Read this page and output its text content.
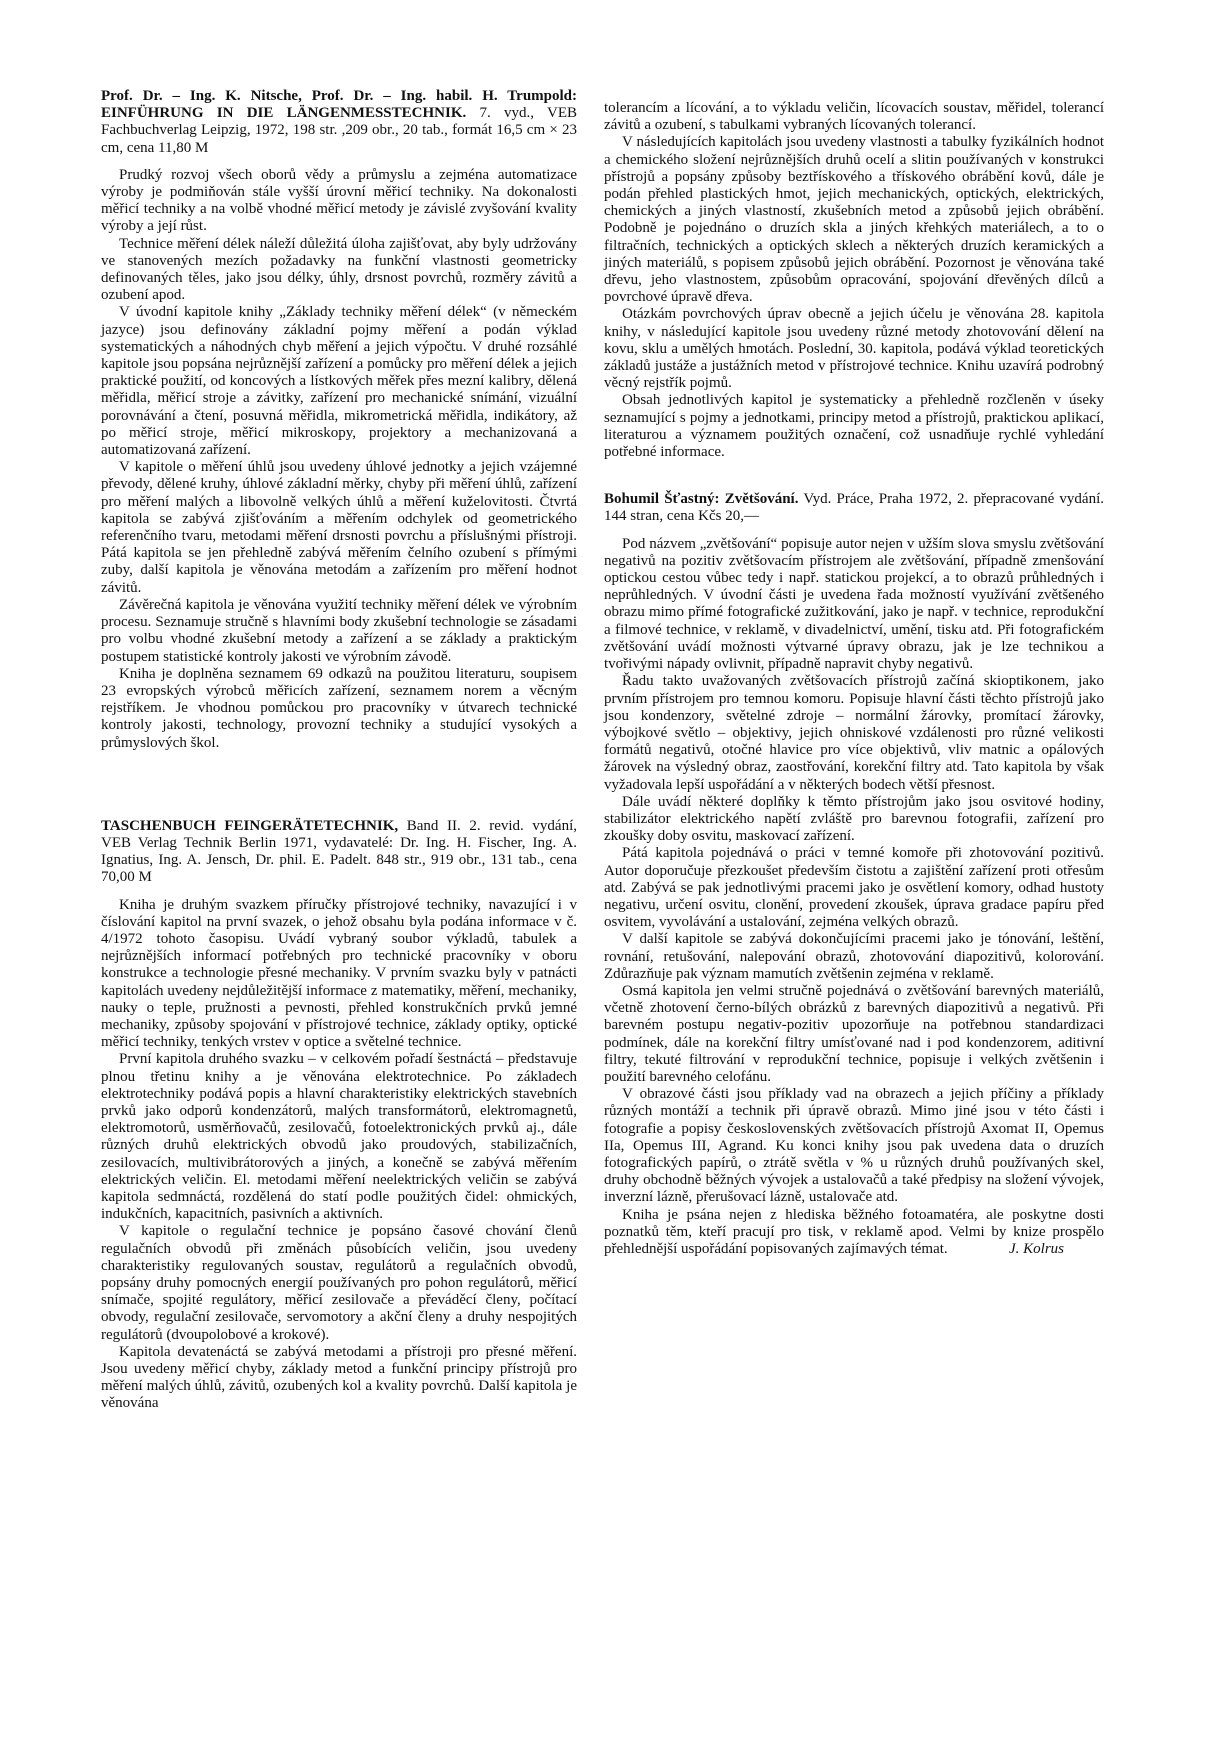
Prof. Dr. – Ing. K. Nitsche, Prof. Dr. – Ing. habil. H. Trumpold: EINFÜHRUNG IN DIE LÄNGENMESSTECHNIK. 7. vyd., VEB Fachbuchverlag Leipzig, 1972, 198 str. ,209 obr., 20 tab., formát 16,5 cm × 23 cm, cena 11,80 M

Prudký rozvoj všech oborů vědy a průmyslu a zejména automatizace výroby je podmiňován stále vyšší úrovní měřicí techniky. Na dokonalosti měřicí techniky a na volbě vhodné měřicí metody je závislé zvyšování kvality výroby a její růst.

Technice měření délek náleží důležitá úloha zajišťovat, aby byly udržovány ve stanovených mezích požadavky na funkční vlastnosti geometricky definovaných těles, jako jsou délky, úhly, drsnost povrchů, rozměry závitů a ozubení apod.

V úvodní kapitole knihy „Základy techniky měření délek“ (v německém jazyce) jsou definovány základní pojmy měření a podán výklad systematických a náhodných chyb měření a jejich výpočtu. V druhé rozsáhlé kapitole jsou popsána nejrůznější zařízení a pomůcky pro měření délek a jejich praktické použití, od koncových a lístkových měřek přes mezní kalibry, dělená měřidla, měřicí stroje a závitky, zařízení pro mechanické snímání, vizuální porovnávání a čtení, posuvná měřidla, mikrometrická měřidla, indikátory, až po měřicí stroje, měřicí mikroskopy, projektory a mechanizovaná a automatizovaná zařízení.

V kapitole o měření úhlů jsou uvedeny úhlové jednotky a jejich vzájemné převody, dělené kruhy, úhlové základní měrky, chyby při měření úhlů, zařízení pro měření malých a libovolně velkých úhlů a měření kuželovitosti. Čtvrtá kapitola se zabývá zjišťováním a měřením odchylek od geometrického referenčního tvaru, metodami měření drsnosti povrchu a příslušnými přístroji. Pátá kapitola se jen přehledně zabývá měřením čelního ozubení s přímými zuby, další kapitola je věnována metodám a zařízením pro měření hodnot závitů.

Závěrečná kapitola je věnována využití techniky měření délek ve výrobním procesu. Seznamuje stručně s hlavními body zkušební technologie se zásadami pro volbu vhodné zkušební metody a zařízení a se základy a praktickým postupem statistické kontroly jakosti ve výrobním závodě.

Kniha je doplněna seznamem 69 odkazů na použitou literaturu, soupisem 23 evropských výrobců měřicích zařízení, seznamem norem a věcným rejstříkem. Je vhodnou pomůckou pro pracovníky v útvarech technické kontroly jakosti, technology, provozní techniky a studující vysokých a průmyslových škol.

TASCHENBUCH FEINGERÄTETECHNIK, Band II. 2. revid. vydání, VEB Verlag Technik Berlin 1971, vydavatelé: Dr. Ing. H. Fischer, Ing. A. Ignatius, Ing. A. Jensch, Dr. phil. E. Padelt. 848 str., 919 obr., 131 tab., cena 70,00 M

Kniha je druhým svazkem příručky přístrojové techniky, navazující i v číslování kapitol na první svazek, o jehož obsahu byla podána informace v č. 4/1972 tohoto časopisu. Uvádí vybraný soubor výkladů, tabulek a nejrůznějších informací potřebných pro technické pracovníky v oboru konstrukce a technologie přesné mechaniky. V prvním svazku byly v patnácti kapitolách uvedeny nejdůležitější informace z matematiky, měření, mechaniky, nauky o teple, pružnosti a pevnosti, přehled konstrukčních prvků jemné mechaniky, způsoby spojování v přístrojové technice, základy optiky, optické měřicí techniky, tenkých vrstev v optice a světelné technice.

První kapitola druhého svazku – v celkovém pořadí šestnáctá – představuje plnou třetinu knihy a je věnována elektrotechnice. Po základech elektrotechniky podává popis a hlavní charakteristiky elektrických stavebních prvků jako odporů kondenzátorů, malých transformátorů, elektromagnetů, elektromotorů, usměrňovačů, zesilovačů, fotoelektronických prvků aj., dále různých druhů elektrických obvodů jako proudových, stabilizačních, zesilovacích, multivibrátorových a jiných, a konečně se zabývá měřením elektrických veličin. El. metodami měření neelektrických veličin se zabývá kapitola sedmnáctá, rozdělená do statí podle použitých čidel: ohmických, indukčních, kapacitních, pasivních a aktivních.

V kapitole o regulační technice je popsáno časové chování členů regulačních obvodů při změnách působících veličin, jsou uvedeny charakteristiky regulovaných soustav, regulátorů a regulačních obvodů, popsány druhy pomocných energií používaných pro pohon regulátorů, měřicí snímače, spojité regulátory, měřicí zesilovače a převáděcí členy, počítací obvody, regulační zesilovače, servomotory a akční členy a druhy nespojitých regulátorů (dvoupolobové a krokové).

Kapitola devatenáctá se zabývá metodami a přístroji pro přesné měření. Jsou uvedeny měřicí chyby, základy metod a funkční principy přístrojů pro měření malých úhlů, závitů, ozubených kol a kvality povrchů. Další kapitola je věnována

tolerancím a lícování, a to výkladu veličin, lícovacích soustav, měřidel, tolerancí závitů a ozubení, s tabulkami vybraných lícovaných tolerancí.

V následujících kapitolách jsou uvedeny vlastnosti a tabulky fyzikálních hodnot a chemického složení nejrůznějších druhů ocelí a slitin používaných v konstrukci přístrojů a popsány způsoby beztřískového a třískového obrábění kovů, dále je podán přehled plastických hmot, jejich mechanických, optických, elektrických, chemických a jiných vlastností, zkušebních metod a způsobů jejich obrábění. Podobně je pojednáno o druzích skla a jiných křehkých materiálech, a to o filtračních, technických a optických sklech a některých druzích keramických a jiných materiálů, s popisem způsobů jejich obrábění. Pozornost je věnována také dřevu, jeho vlastnostem, způsobům opracování, spojování dřevěných dílců a povrchové úpravě dřeva.

Otázkám povrchových úprav obecně a jejich účelu je věnována 28. kapitola knihy, v následující kapitole jsou uvedeny různé metody zhotovování dělení na kovu, sklu a umělých hmotách. Poslední, 30. kapitola, podává výklad teoretických základů justáže a justážních metod v přístrojové technice. Knihu uzavírá podrobný věcný rejstřík pojmů.

Obsah jednotlivých kapitol je systematicky a přehledně rozčleněn v úseky seznamující s pojmy a jednotkami, principy metod a přístrojů, praktickou aplikací, literaturou a významem použitých označení, což usnadňuje rychlé vyhledání potřebné informace.

Bohumil Šťastný: Zvětšování. Vyd. Práce, Praha 1972, 2. přepracované vydání. 144 stran, cena Kčs 20,—

Pod názvem „zvětšování“ popisuje autor nejen v užším slova smyslu zvětšování negativů na pozitiv zvětšovacím přístrojem ale zvětšování, případně zmenšování optickou cestou vůbec tedy i např. statickou projekcí, a to obrazů průhledných i neprůhledných. V úvodní části je uvedena řada možností využívání zvětšeného obrazu mimo přímé fotografické zužitkování, jako je např. v technice, reprodukční a filmové technice, v reklamě, v divadelnictví, umění, tisku atd. Při fotografickém zvětšování uvádí možnosti výtvarné úpravy obrazu, jak je lze technikou a tvořivými nápady ovlivnit, případně napravit chyby negativů.

Řadu takto uvažovaných zvětšovacích přístrojů začíná skioptikonem, jako prvním přístrojem pro temnou komoru. Popisuje hlavní části těchto přístrojů jako jsou kondenzory, světelné zdroje – normální žárovky, promítací žárovky, výbojkové světlo – objektivy, jejich ohniskové vzdálenosti pro různé velikosti formátů negativů, otočné hlavice pro více objektivů, vliv matnic a opálových žárovek na výsledný obraz, zaostřování, korekční filtry atd. Tato kapitola by však vyžadovala lepší uspořádání a v některých bodech větší přesnost.

Dále uvádí některé doplňky k těmto přístrojům jako jsou osvitové hodiny, stabilizátor elektrického napětí zvláště pro barevnou fotografii, zařízení pro zkoušky doby osvitu, maskovací zařízení.

Pátá kapitola pojednává o práci v temné komoře při zhotovování pozitivů. Autor doporučuje přezkoušet především čistotu a zajištění zařízení proti otřesům atd. Zabývá se pak jednotlivými pracemi jako je osvětlení komory, odhad hustoty negativu, určení osvitu, clonění, provedení zkoušek, úprava gradace papíru před osvitem, vyvolávání a ustalování, zejména velkých obrazů.

V další kapitole se zabývá dokončujícími pracemi jako je tónování, leštění, rovnání, retušování, nalepování obrazů, zhotovování diapozitivů, kolorování. Zdůrazňuje pak význam mamutích zvětšenin zejména v reklamě.

Osmá kapitola jen velmi stručně pojednává o zvětšování barevných materiálů, včetně zhotovení černo-bílých obrázků z barevných diapozitivů a negativů. Při barevném postupu negativ-pozitiv upozorňuje na potřebnou standardizaci podmínek, dále na korekční filtry umísťované nad i pod kondenzorem, aditivní filtry, tekuté filtrování v reprodukční technice, popisuje i velkých zvětšenin i použití barevného celofánu.

V obrazové části jsou příklady vad na obrazech a jejich příčiny a příklady různých montáží a technik při úpravě obrazů. Mimo jiné jsou v této části i fotografie a popisy československých zvětšovacích přístrojů Axomat II, Opemus IIa, Opemus III, Agrand. Ku konci knihy jsou pak uvedena data o druzích fotografických papírů, o ztrátě světla v % u různých druhů používaných skel, druhy obchodně běžných vývojek a ustalovačů a také předpisy na složení vývojek, inverzní lázně, přerušovací lázně, ustalovače atd.

Kniha je psána nejen z hlediska běžného fotoamatéra, ale poskytne dosti poznatků těm, kteří pracují pro tisk, v reklamě apod. Velmi by knize prospělo přehlednější uspořádání popisovaných zajímavých témat.	J. Kolrus
